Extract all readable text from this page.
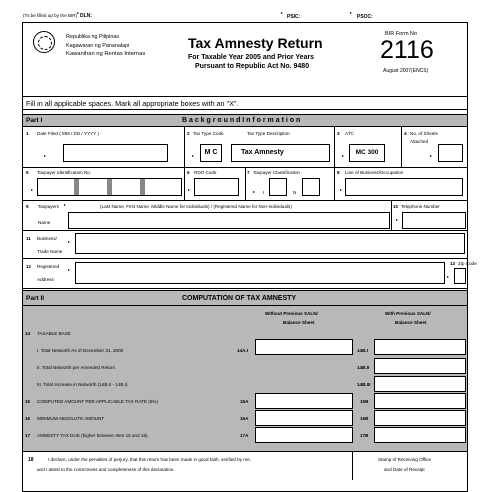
(To be filled up by the BIR)
▸
DLN:
▸
PSIC:
▸
PSOC:
Republika ng Pilipinas
Kagawaran ng Pananalapi
Kawanihan ng Rentas Internas
Tax Amnesty Return
For Taxable Year 2005 and Prior Years
Pursuant to Republic Act No. 9480
BIR Form No
2116
August 2007(ENCS)
Fill in all applicable spaces. Mark all appropriate boxes with an "X".
Part I	B a c k g r o u n d I n f o r m a t i o n
1 Date Filed ( MM / DD / YYYY )
▸
2 Tax Type Code	Tax Type Description
▸	M C	Tax Amnesty
3 ATC
▸	MC 300
4 No. of Sheets
Attached
▸
5 Taxpayer Identification No.
▸
6 RDO Code
▸
7 Taxpayer Classification
▸ I	N
8 Line of Business/Occupation
▸
9 Taxpayers ▸	(Last Name, First Name, Middle Name for Individuals) / (Registered Name for Non-Individuals)
Name
10 Telephone Number
▸
11 Business/
Trade Name
▸
12 Registered
Address
▸
13 Zip Code
▸
Part II	COMPUTATION OF TAX AMNESTY
Without Previous SALN/
Balance Sheet
With Previous SALN/
Balance Sheet
14 TAXABLE BASE
I. Total Networth As of December 31, 2005	14A.I	14B.I
II. Total Networth per Amended Return	14B.II
III. Total Increase in Networth (14B.II - 14B.I)	14B.III
15 COMPUTED AMOUNT PER APPLICABLE TAX RATE (5%)	15A	15B
16 MINIMUM ABSOLUTE AMOUNT	16A	16B
17 AMNESTY TAX DUE (higher between Item 15 and 16)	17A	17B
18	I declare, under the penalties of perjury, that this return has been made in good faith, verified by me,
and I attest to the correctness and completeness of this declaration.
Stamp of Receiving Office
and Date of Receipt
